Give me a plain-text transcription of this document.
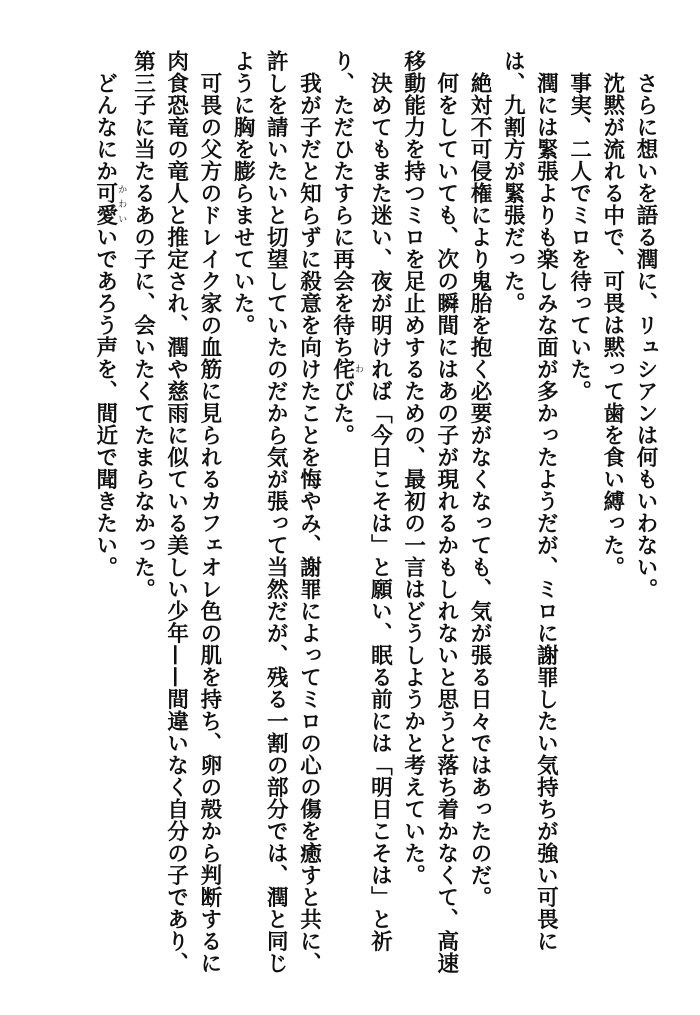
さらに想いを語る潤に、リュシアンは何もいわない。
沈黙が流れる中で、可畏は黙って歯を食い縛った。
事実、二人でミロを待っていた。
潤には緊張よりも楽しみな面が多かったようだが、ミロに謝罪したい気持ちが強い可畏に
は、九割方が緊張だった。
絶対不可侵権により鬼胎を抱く必要がなくなっても、気が張る日々ではあったのだ。
何をしていても、次の瞬間にはあの子が現れるかもしれないと思うと落ち着かなくて、高速
移動能力を持つミロを足止めするための、最初の一言はどうしようかと考えていた。
決めてもまた迷い、夜が明ければ「今日こそは」と願い、眠る前には「明日こそは」と祈
り、ただひたすらに再会を待ち侘わびた。
我が子だと知らずに殺意を向けたことを悔やみ、謝罪によってミロの心の傷を癒すと共に、
許しを請いたいと切望していたのだから気が張って当然だが、残る一割の部分では、潤と同じ
ように胸を膨らませていた。
可畏の父方のドレイク家の血筋に見られるカフェオレ色の肌を持ち、卵の殻から判断するに
肉食恐竜の竜人と推定され、潤や慈雨に似ている美しい少年——間違いなく自分の子であり、
第三子に当たるあの子に、会いたくてたまらなかった。
どんなにか可愛かわいいであろう声を、間近で聞きたい。
